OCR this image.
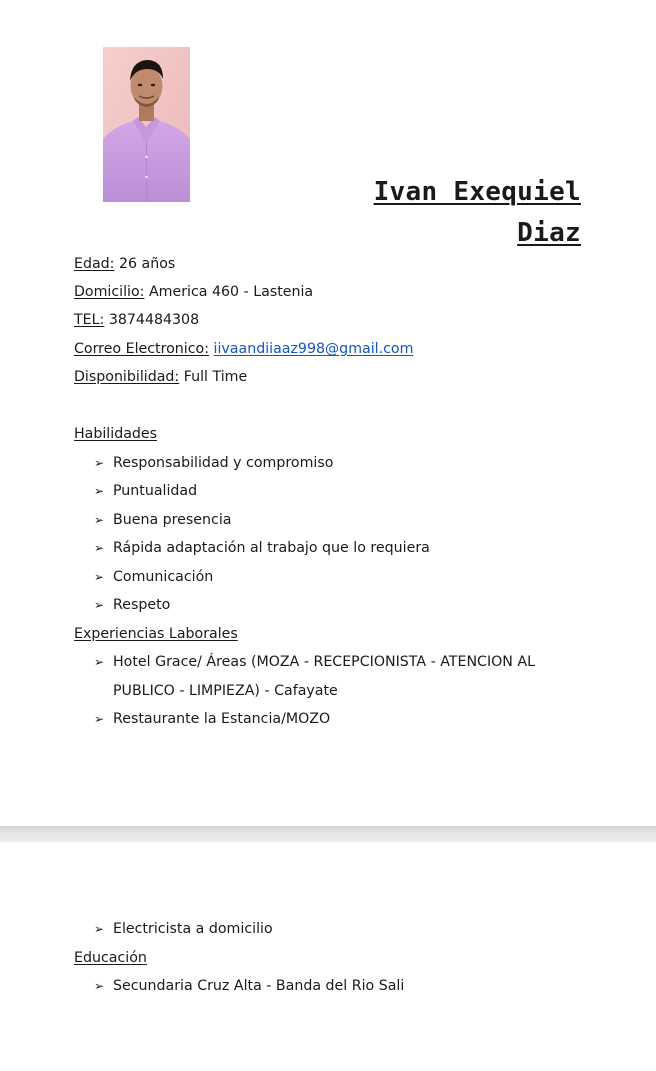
Ivan Exequiel
Diaz
Edad: 26 años
Domicilio: America 460 - Lastenia
TEL: 3874484308
Correo Electronico: iivaandiiaaz998@gmail.com
Disponibilidad: Full Time
Habilidades
➢ Responsabilidad y compromiso
➢ Puntualidad
➢ Buena presencia
➢ Rápida adaptación al trabajo que lo requiera
➢ Comunicación
➢ Respeto
Experiencias Laborales
➢ Hotel Grace/ Áreas (MOZA - RECEPCIONISTA - ATENCION AL
PUBLICO - LIMPIEZA) - Cafayate
➢ Restaurante la Estancia/MOZO
➢ Electricista a domicilio
Educación
➢ Secundaria Cruz Alta - Banda del Rio Sali
